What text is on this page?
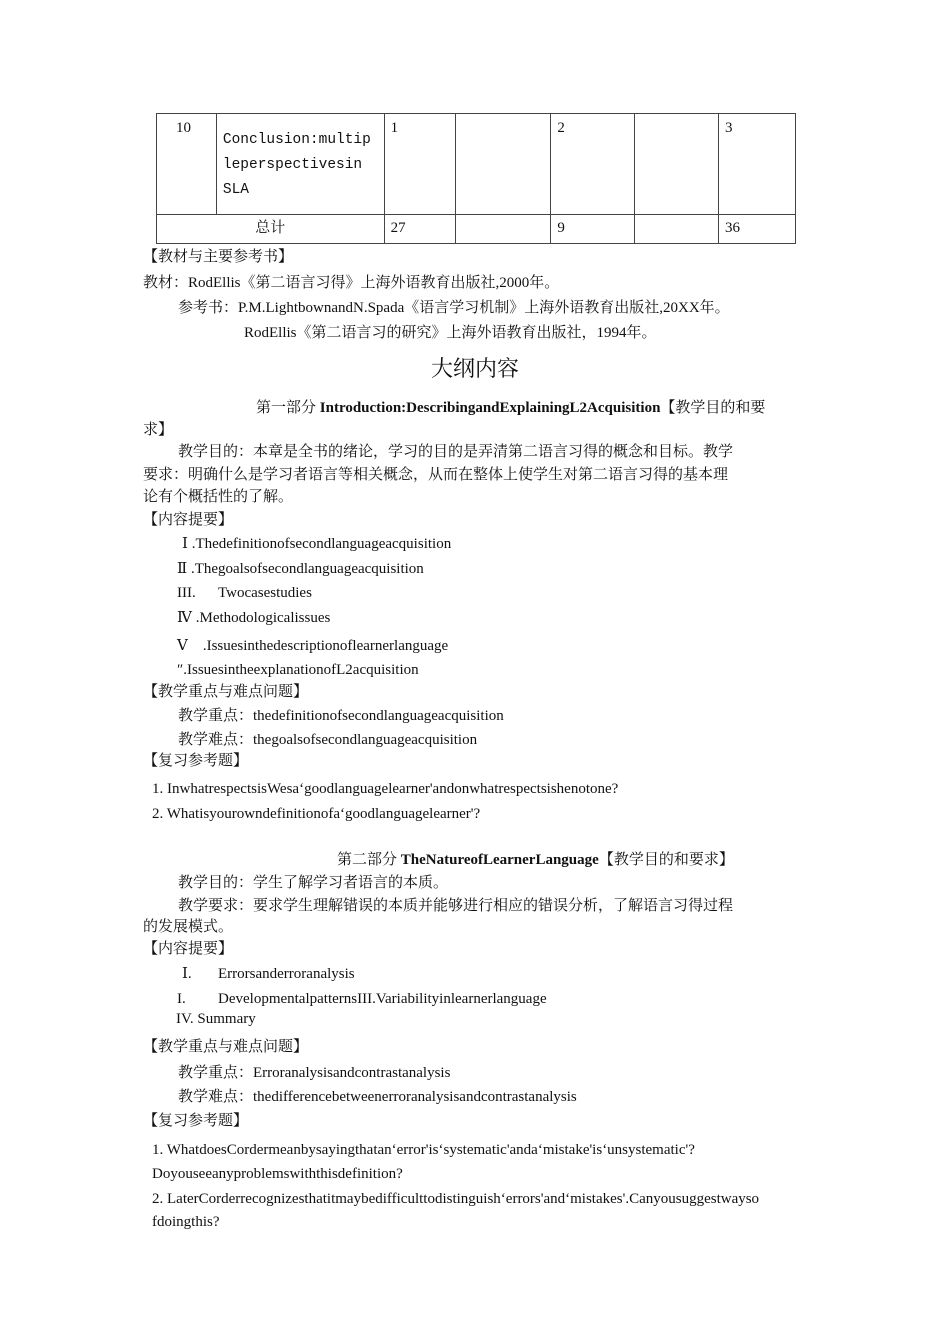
10	Conclusion:multipleperspectivesin SLA	1		2		3
总计		27		9		36
【教材与主要参考书】
教材：RodEllis《第二语言习得》上海外语教育出版社,2000年。
参考书：P.M.LightbownandN.Spada《语言学习机制》上海外语教育出版社,20XX年。
RodEllis《第二语言习的研究》上海外语教育出版社，1994年。
大纲内容
第一部分 Introduction:DescribingandExplainingL2Acquisition【教学目的和要
求】
教学目的：本章是全书的绪论，学习的目的是弄清第二语言习得的概念和目标。教学
要求：明确什么是学习者语言等相关概念，从而在整体上使学生对第二语言习得的基本理
论有个概括性的了解。
【内容提要】
Ⅰ .Thedefinitionofsecondlanguageacquisition
Ⅱ .Thegoalsofsecondlanguageacquisition
III. Twocasestudies
Ⅳ .Methodologicalissues
Ⅴ .Issuesinthedescriptionoflearnerlanguage
″.IssuesintheexplanationofL2acquisition
【教学重点与难点问题】
教学重点：thedefinitionofsecondlanguageacquisition
教学难点：thegoalsofsecondlanguageacquisition
【复习参考题】
1. InwhatrespectsisWesa‘goodlanguagelearner'andonwhatrespectsishenotone?
2. Whatisyourowndefinitionofa‘goodlanguagelearner'?
第二部分 TheNatureofLearnerLanguage【教学目的和要求】
教学目的：学生了解学习者语言的本质。
教学要求：要求学生理解错误的本质并能够进行相应的错误分析，了解语言习得过程
的发展模式。
【内容提要】
Ⅰ. Errorsanderroranalysis
I. DevelopmentalpatternsIII.Variabilityinlearnerlanguage
IV. Summary
【教学重点与难点问题】
教学重点：Erroranalysisandcontrastanalysis
教学难点：thedifferencebetweenerroranalysisandcontrastanalysis
【复习参考题】
1. WhatdoesCordermeanbysayingthatan‘error'is‘systematic'anda‘mistake'is‘unsystematic'?
Doyouseeanyproblemswiththisdefinition?
2. LaterCorderrecognizesthatitmaybedifficulttodistinguish‘errors'and‘mistakes'.Canyousuggestwayso
fdoingthis?
